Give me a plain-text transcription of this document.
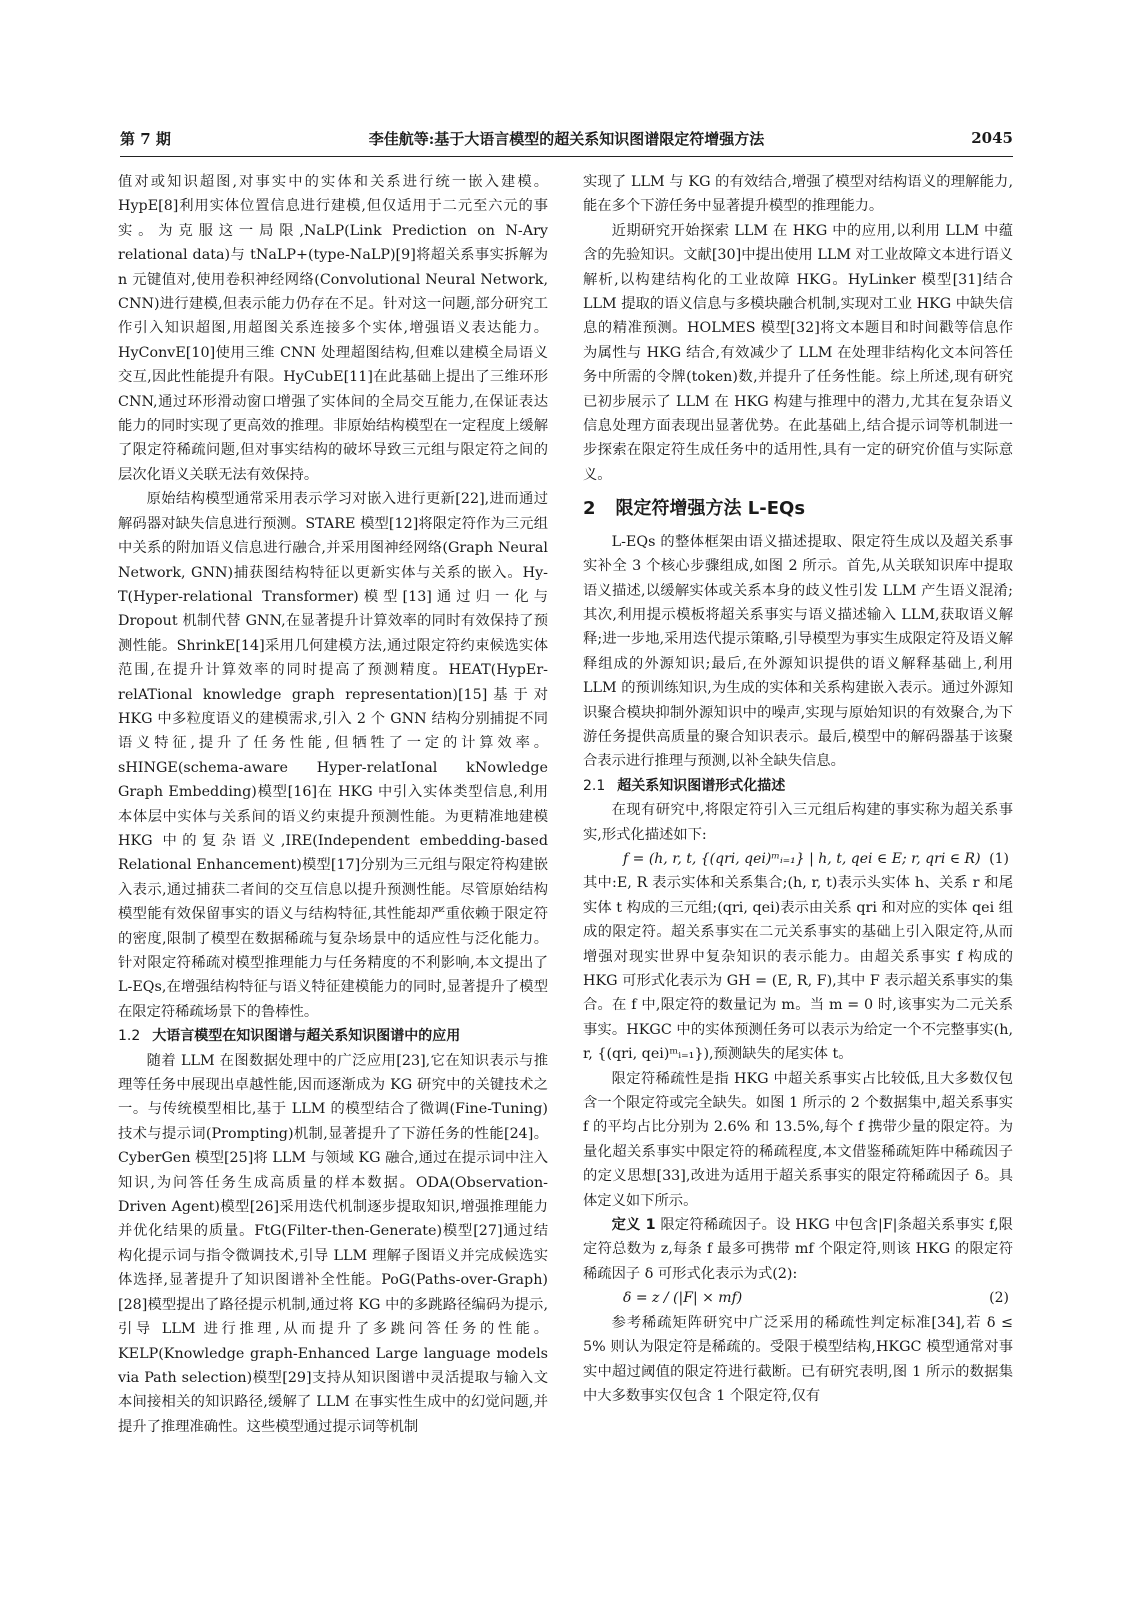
第 7 期	李佳航等:基于大语言模型的超关系知识图谱限定符增强方法	2045

值对或知识超图,对事实中的实体和关系进行统一嵌入建模。HypE[8]利用实体位置信息进行建模,但仅适用于二元至六元的事实。为克服这一局限,NaLP(Link Prediction on N-Ary relational data)与 tNaLP+(type-NaLP)[9]将超关系事实拆解为 n 元键值对,使用卷积神经网络(Convolutional Neural Network, CNN)进行建模,但表示能力仍存在不足。针对这一问题,部分研究工作引入知识超图,用超图关系连接多个实体,增强语义表达能力。HyConvE[10]使用三维 CNN 处理超图结构,但难以建模全局语义交互,因此性能提升有限。HyCubE[11]在此基础上提出了三维环形 CNN,通过环形滑动窗口增强了实体间的全局交互能力,在保证表达能力的同时实现了更高效的推理。非原始结构模型在一定程度上缓解了限定符稀疏问题,但对事实结构的破坏导致三元组与限定符之间的层次化语义关联无法有效保持。

原始结构模型通常采用表示学习对嵌入进行更新[22],进而通过解码器对缺失信息进行预测。STARE 模型[12]将限定符作为三元组中关系的附加语义信息进行融合,并采用图神经网络(Graph Neural Network, GNN)捕获图结构特征以更新实体与关系的嵌入。Hy-T(Hyper-relational Transformer)模型[13]通过归一化与 Dropout 机制代替 GNN,在显著提升计算效率的同时有效保持了预测性能。ShrinkE[14]采用几何建模方法,通过限定符约束候选实体范围,在提升计算效率的同时提高了预测精度。HEAT(HypEr-relATional knowledge graph representation)[15]基于对 HKG 中多粒度语义的建模需求,引入 2 个 GNN 结构分别捕捉不同语义特征,提升了任务性能,但牺牲了一定的计算效率。sHINGE(schema-aware Hyper-relatIonal kNowledge Graph Embedding)模型[16]在 HKG 中引入实体类型信息,利用本体层中实体与关系间的语义约束提升预测性能。为更精准地建模 HKG 中的复杂语义,IRE(Independent embedding-based Relational Enhancement)模型[17]分别为三元组与限定符构建嵌入表示,通过捕获二者间的交互信息以提升预测性能。尽管原始结构模型能有效保留事实的语义与结构特征,其性能却严重依赖于限定符的密度,限制了模型在数据稀疏与复杂场景中的适应性与泛化能力。针对限定符稀疏对模型推理能力与任务精度的不利影响,本文提出了 L-EQs,在增强结构特征与语义特征建模能力的同时,显著提升了模型在限定符稀疏场景下的鲁棒性。

1.2 大语言模型在知识图谱与超关系知识图谱中的应用

随着 LLM 在图数据处理中的广泛应用[23],它在知识表示与推理等任务中展现出卓越性能,因而逐渐成为 KG 研究中的关键技术之一。与传统模型相比,基于 LLM 的模型结合了微调(Fine-Tuning)技术与提示词(Prompting)机制,显著提升了下游任务的性能[24]。CyberGen 模型[25]将 LLM 与领域 KG 融合,通过在提示词中注入知识,为问答任务生成高质量的样本数据。ODA(Observation-Driven Agent)模型[26]采用迭代机制逐步提取知识,增强推理能力并优化结果的质量。FtG(Filter-then-Generate)模型[27]通过结构化提示词与指令微调技术,引导 LLM 理解子图语义并完成候选实体选择,显著提升了知识图谱补全性能。PoG(Paths-over-Graph)[28]模型提出了路径提示机制,通过将 KG 中的多跳路径编码为提示,引导 LLM 进行推理,从而提升了多跳问答任务的性能。KELP(Knowledge graph-Enhanced Large language models via Path selection)模型[29]支持从知识图谱中灵活提取与输入文本间接相关的知识路径,缓解了 LLM 在事实性生成中的幻觉问题,并提升了推理准确性。这些模型通过提示词等机制

实现了 LLM 与 KG 的有效结合,增强了模型对结构语义的理解能力,能在多个下游任务中显著提升模型的推理能力。

近期研究开始探索 LLM 在 HKG 中的应用,以利用 LLM 中蕴含的先验知识。文献[30]中提出使用 LLM 对工业故障文本进行语义解析,以构建结构化的工业故障 HKG。HyLinker 模型[31]结合 LLM 提取的语义信息与多模块融合机制,实现对工业 HKG 中缺失信息的精准预测。HOLMES 模型[32]将文本题目和时间戳等信息作为属性与 HKG 结合,有效减少了 LLM 在处理非结构化文本问答任务中所需的令牌(token)数,并提升了任务性能。综上所述,现有研究已初步展示了 LLM 在 HKG 构建与推理中的潜力,尤其在复杂语义信息处理方面表现出显著优势。在此基础上,结合提示词等机制进一步探索在限定符生成任务中的适用性,具有一定的研究价值与实际意义。

2 限定符增强方法 L-EQs

L-EQs 的整体框架由语义描述提取、限定符生成以及超关系事实补全 3 个核心步骤组成,如图 2 所示。首先,从关联知识库中提取语义描述,以缓解实体或关系本身的歧义性引发 LLM 产生语义混淆;其次,利用提示模板将超关系事实与语义描述输入 LLM,获取语义解释;进一步地,采用迭代提示策略,引导模型为事实生成限定符及语义解释组成的外源知识;最后,在外源知识提供的语义解释基础上,利用 LLM 的预训练知识,为生成的实体和关系构建嵌入表示。通过外源知识聚合模块抑制外源知识中的噪声,实现与原始知识的有效聚合,为下游任务提供高质量的聚合知识表示。最后,模型中的解码器基于该聚合表示进行推理与预测,以补全缺失信息。

2.1 超关系知识图谱形式化描述

在现有研究中,将限定符引入三元组后构建的事实称为超关系事实,形式化描述如下:

f = (h, r, t, {(qri, qei)ᵐᵢ₌₁} | h, t, qei ∈ E; r, qri ∈ R) (1)

其中:E, R 表示实体和关系集合;(h, r, t)表示头实体 h、关系 r 和尾实体 t 构成的三元组;(qri, qei)表示由关系 qri 和对应的实体 qei 组成的限定符。超关系事实在二元关系事实的基础上引入限定符,从而增强对现实世界中复杂知识的表示能力。由超关系事实 f 构成的 HKG 可形式化表示为 GH = (E, R, F),其中 F 表示超关系事实的集合。在 f 中,限定符的数量记为 m。当 m = 0 时,该事实为二元关系事实。HKGC 中的实体预测任务可以表示为给定一个不完整事实(h, r, {(qri, qei)ᵐᵢ₌₁}),预测缺失的尾实体 t。

限定符稀疏性是指 HKG 中超关系事实占比较低,且大多数仅包含一个限定符或完全缺失。如图 1 所示的 2 个数据集中,超关系事实 f 的平均占比分别为 2.6% 和 13.5%,每个 f 携带少量的限定符。为量化超关系事实中限定符的稀疏程度,本文借鉴稀疏矩阵中稀疏因子的定义思想[33],改进为适用于超关系事实的限定符稀疏因子 δ。具体定义如下所示。

定义 1 限定符稀疏因子。设 HKG 中包含|F|条超关系事实 f,限定符总数为 z,每条 f 最多可携带 mf 个限定符,则该 HKG 的限定符稀疏因子 δ 可形式化表示为式(2):

δ = z / (|F| × mf)	(2)

参考稀疏矩阵研究中广泛采用的稀疏性判定标准[34],若 δ ≤ 5% 则认为限定符是稀疏的。受限于模型结构,HKGC 模型通常对事实中超过阈值的限定符进行截断。已有研究表明,图 1 所示的数据集中大多数事实仅包含 1 个限定符,仅有
